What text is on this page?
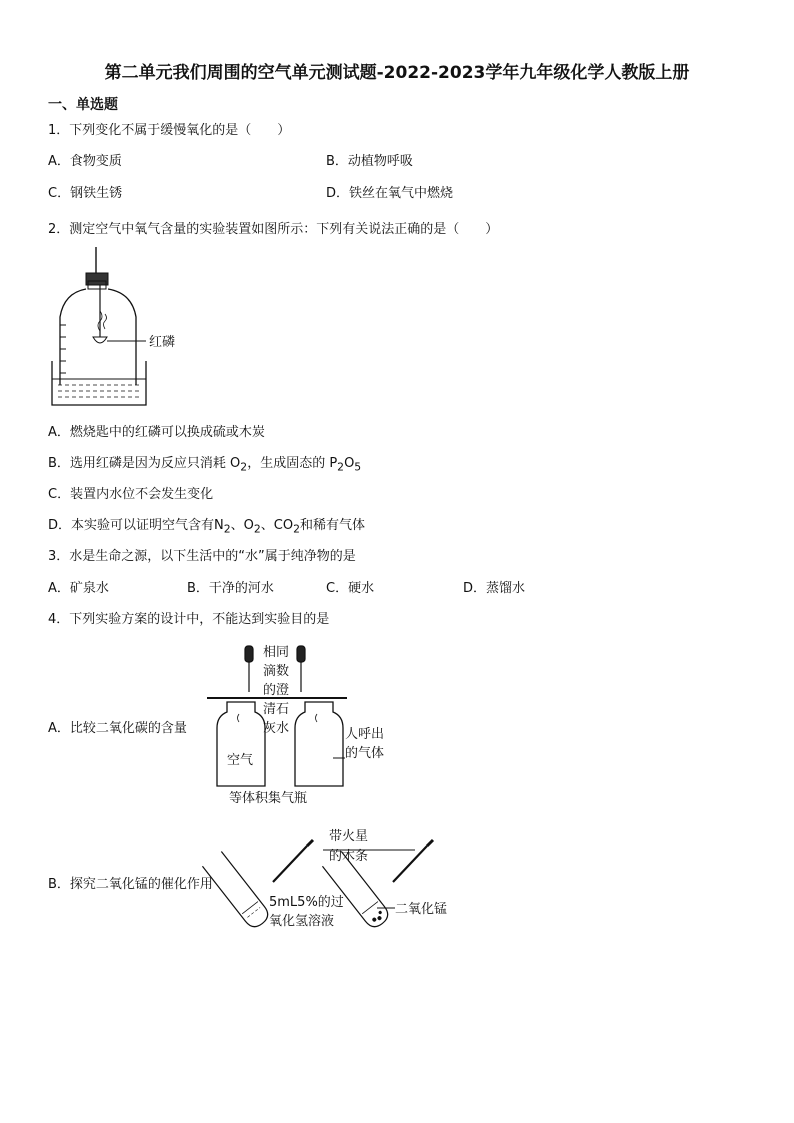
第二单元我们周围的空气单元测试题-2022-2023学年九年级化学人教版上册
一、单选题
1．下列变化不属于缓慢氧化的是（　　）
A．食物变质	B．动植物呼吸
C．钢铁生锈	D．铁丝在氧气中燃烧
2．测定空气中氧气含量的实验装置如图所示：下列有关说法正确的是（　　）
红磷
A．燃烧匙中的红磷可以换成硫或木炭
B．选用红磷是因为反应只消耗 $O_2$，生成固态的 $P_2O_5$
C．装置内水位不会发生变化
D．本实验可以证明空气含有$N_2$、$O_2$、$CO_2$和稀有气体
3．水是生命之源，以下生活中的“水”属于纯净物的是
A．矿泉水	B．干净的河水	C．硬水	D．蒸馏水
4．下列实验方案的设计中，不能达到实验目的是
A．比较二氧化碳的含量
相同
滴数
的澄
清石
灰水
空气
人呼出
的气体
等体积集气瓶
B．探究二氧化锰的催化作用
带火星
的木条
5mL5%的过
氧化氢溶液
二氧化锰
